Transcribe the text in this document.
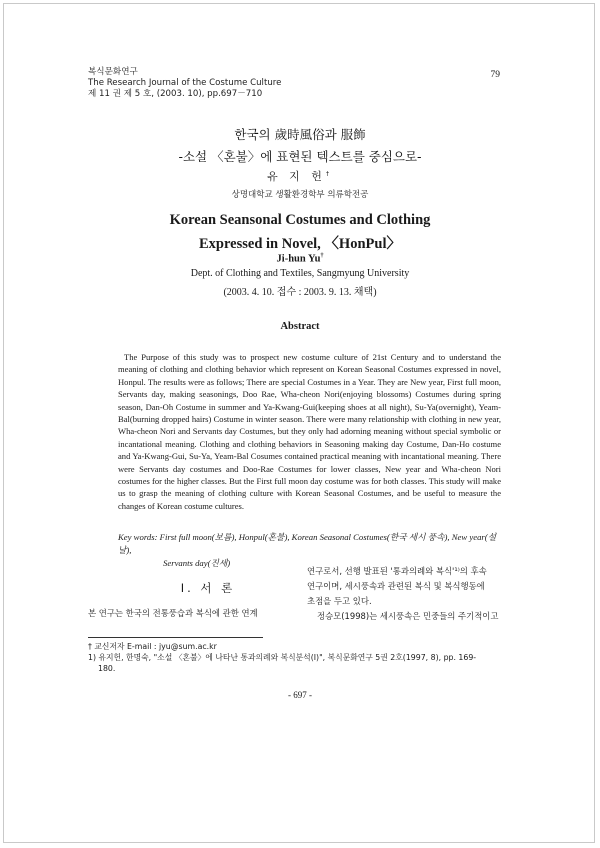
복식문화연구
The Research Journal of the Costume Culture
제 11 권 제 5 호, (2003. 10), pp.697－710
79
한국의 歲時風俗과 服飾
-소설 〈혼불〉에 표현된 텍스트를 중심으로-
유 지 헌†
상명대학교 생활환경학부 의류학전공
Korean Seansonal Costumes and Clothing
Expressed in Novel, 〈HonPul〉
Ji-hun Yu†
Dept. of Clothing and Textiles, Sangmyung University
(2003. 4. 10. 접수 : 2003. 9. 13. 채택)
Abstract
The Purpose of this study was to prospect new costume culture of 21st Century and to understand the meaning of clothing and clothing behavior which represent on Korean Seasonal Costumes expressed in novel, Honpul. The results were as follows; There are special Costumes in a Year. They are New year, First full moon, Servants day, making seasonings, Doo Rae, Wha-cheon Nori(enjoying blossoms) Costumes during spring season, Dan-Oh Costume in summer and Ya-Kwang-Gui(keeping shoes at all night), Su-Ya(overnight), Yeam-Bal(burning dropped hairs) Costume in winter season. There were many relationship with clothing in new year, Wha-cheon Nori and Servants day Costumes, but they only had adorning meaning without special symbolic or incantational meaning. Clothing and clothing behaviors in Seasoning making day Costume, Dan-Ho costume and Ya-Kwang-Gui, Su-Ya, Yeam-Bal Cosumes contained practical meaning with incantational meaning. There were Servants day costumes and Doo-Rae Costumes for lower classes, New year and Wha-cheon Nori costumes for the higher classes. But the First full moon day costume was for both classes. This study will make us to grasp the meaning of clothing culture with Korean Seasonal Costumes, and be useful to measure the changes of Korean costume cultures.
Key words: First full moon(보름), Honpul(혼불), Korean Seasonal Costumes(한국 세시 풍속), New year(설날),
Servants day(진세)
Ⅰ. 서 론
본 연구는 한국의 전통풍습과 복식에 관한 연계
연구로서, 선행 발표된 '통과의례와 복식'¹⁾의 후속
연구이며, 세시풍속과 관련된 복식 및 복식행동에
초점을 두고 있다.
정승모(1998)는 세시풍속은 민중들의 주기적이고
† 교신저자 E-mail : jyu@sum.ac.kr
1) 유지헌, 한명숙, "소설 〈혼불〉에 나타난 통과의례와 복식분석(I)", 복식문화연구 5권 2호(1997, 8), pp. 169-
180.
- 697 -
